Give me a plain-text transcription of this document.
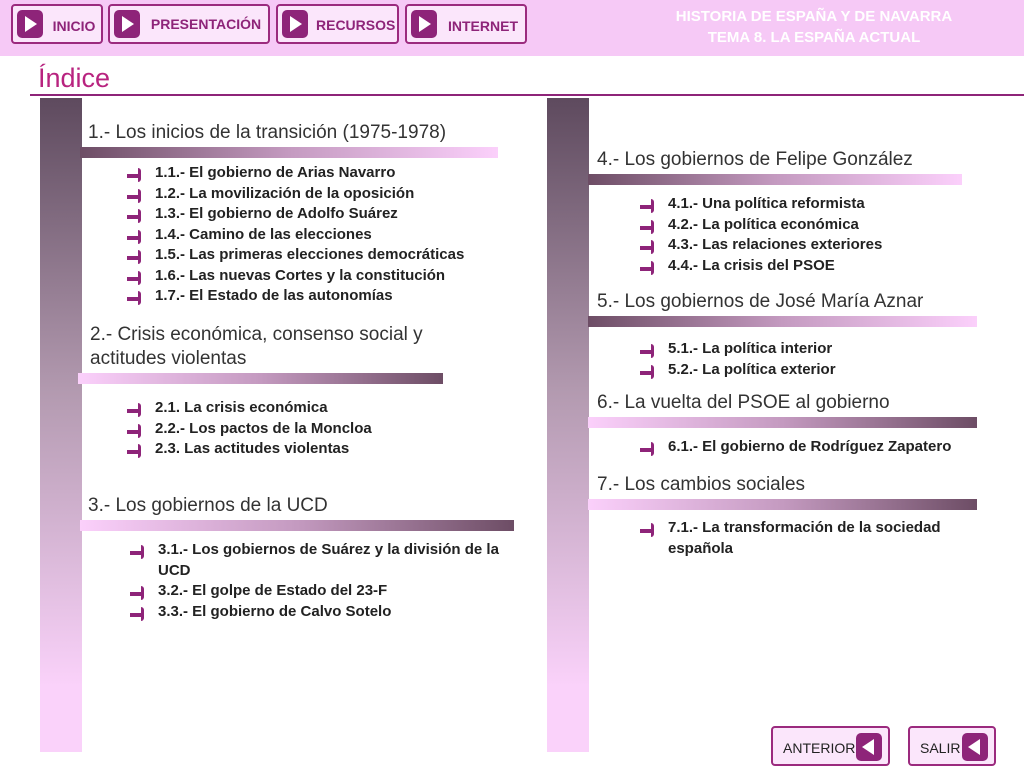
INICIO	PRESENTACIÓN	RECURSOS	INTERNET
HISTORIA DE ESPAÑA Y DE NAVARRA
TEMA 8. LA ESPAÑA ACTUAL
Índice
1.- Los inicios de la transición (1975-1978)
1.1.- El gobierno de Arias Navarro
1.2.- La movilización de la oposición
1.3.- El gobierno de Adolfo Suárez
1.4.- Camino de las elecciones
1.5.- Las primeras elecciones democráticas
1.6.- Las nuevas Cortes y la constitución
1.7.- El Estado de las autonomías
2.- Crisis económica, consenso social y actitudes violentas
2.1. La crisis económica
2.2.- Los pactos de la Moncloa
2.3. Las actitudes violentas
3.- Los gobiernos de la UCD
3.1.- Los gobiernos de Suárez y la división de la UCD
3.2.- El golpe de Estado del 23-F
3.3.- El gobierno de Calvo Sotelo
4.- Los gobiernos de Felipe González
4.1.- Una política reformista
4.2.- La política económica
4.3.- Las relaciones exteriores
4.4.- La crisis del PSOE
5.- Los gobiernos de José María Aznar
5.1.- La política interior
5.2.- La política exterior
6.- La vuelta del PSOE al gobierno
6.1.- El gobierno de Rodríguez Zapatero
7.- Los cambios sociales
7.1.- La transformación de la sociedad española
ANTERIOR	SALIR
